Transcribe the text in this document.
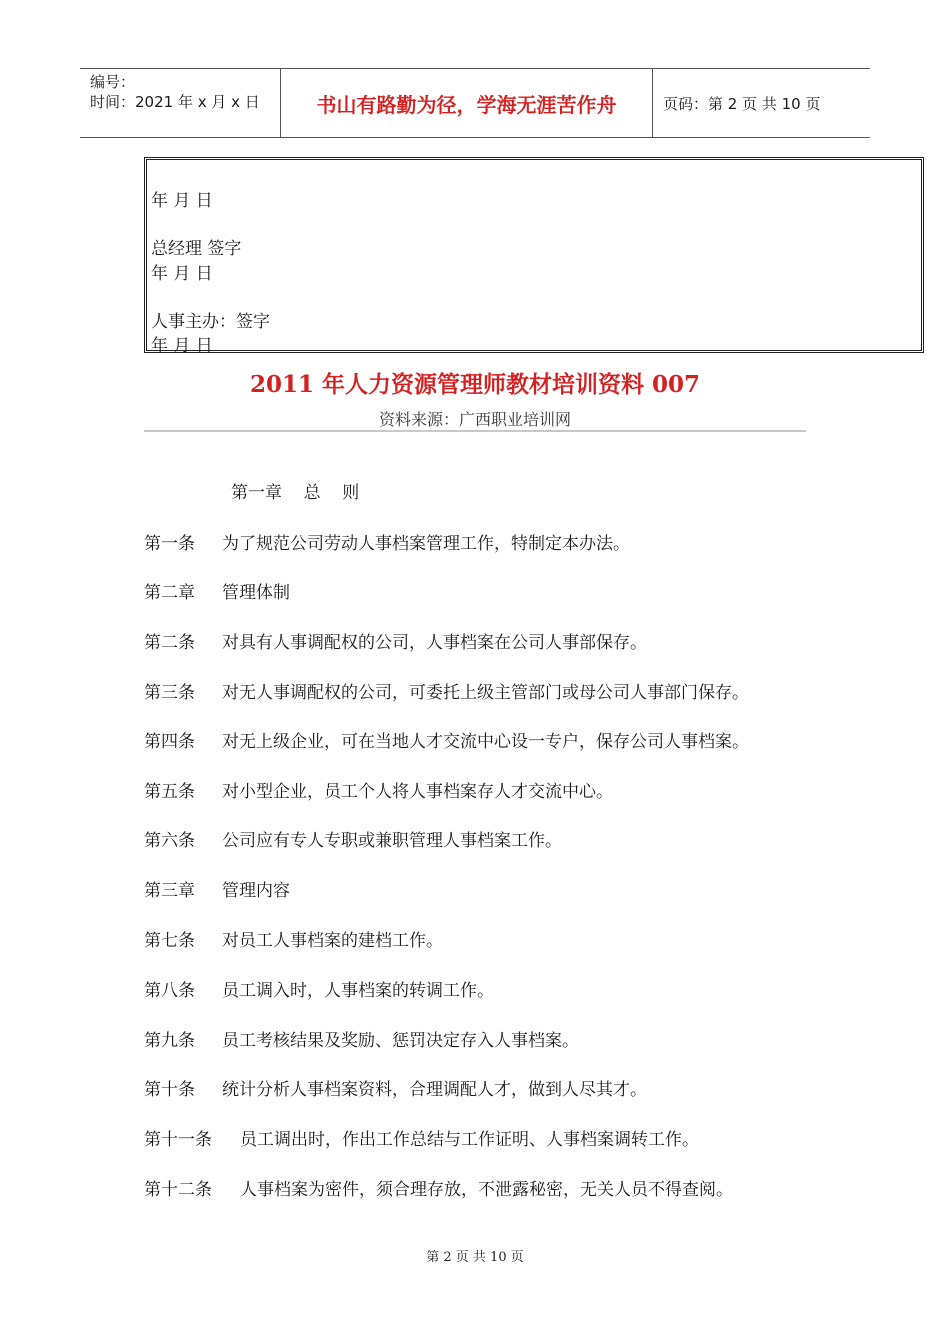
编号：
时间：2021 年 x 月 x 日	书山有路勤为径，学海无涯苦作舟	页码：第 2 页 共 10 页
年 月 日
总经理 签字
年 月 日
人事主办：签字
年 月 日
2011 年人力资源管理师教材培训资料 007
资料来源：广西职业培训网
第一章    总    则
第一条 为了规范公司劳动人事档案管理工作，特制定本办法。
第二章 管理体制
第二条 对具有人事调配权的公司，人事档案在公司人事部保存。
第三条 对无人事调配权的公司，可委托上级主管部门或母公司人事部门保存。
第四条 对无上级企业，可在当地人才交流中心设一专户，保存公司人事档案。
第五条 对小型企业，员工个人将人事档案存人才交流中心。
第六条 公司应有专人专职或兼职管理人事档案工作。
第三章 管理内容
第七条 对员工人事档案的建档工作。
第八条 员工调入时，人事档案的转调工作。
第九条 员工考核结果及奖励、惩罚决定存入人事档案。
第十条 统计分析人事档案资料，合理调配人才，做到人尽其才。
第十一条 员工调出时，作出工作总结与工作证明、人事档案调转工作。
第十二条 人事档案为密件，须合理存放，不泄露秘密，无关人员不得查阅。
第 2 页 共 10 页
